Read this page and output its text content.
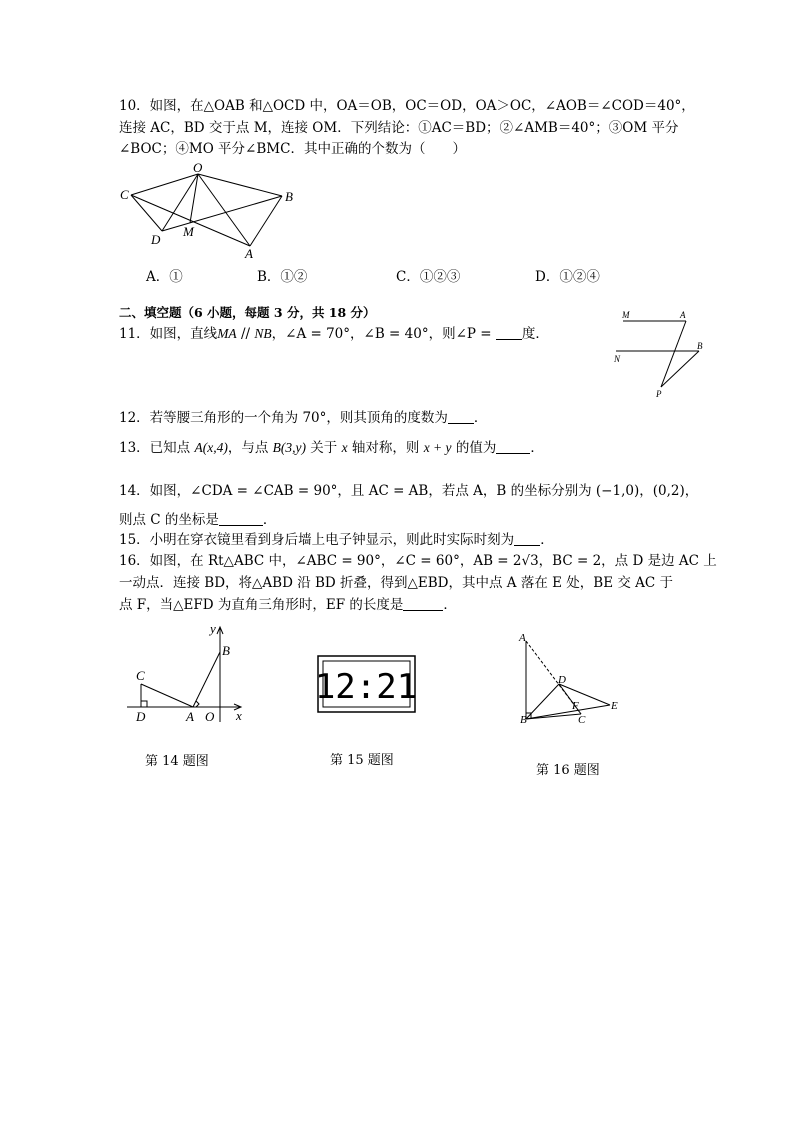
10．如图，在△OAB 和△OCD 中，OA＝OB，OC＝OD，OA＞OC，∠AOB＝∠COD＝40°，
连接 AC，BD 交于点 M，连接 OM．下列结论：①AC＝BD；②∠AMB＝40°；③OM 平分
∠BOC；④MO 平分∠BMC．其中正确的个数为（　　）
O
C	B
D
M
A
A．①	B．①②	C．①②③	D．①②④
二、填空题（6 小题，每题 3 分，共 18 分）
11．如图，直线MA // NB，∠A = 70°，∠B = 40°，则∠P = 度．
M	A
N
B
P
12．若等腰三角形的一个角为 70°，则其顶角的度数为 ．
13．已知点 A(x,4)，与点 B(3,y) 关于 x 轴对称，则 x + y 的值为	．
14．如图，∠CDA = ∠CAB = 90°，且 AC = AB，若点 A，B 的坐标分别为 (−1,0)，(0,2)，
则点 C 的坐标是	．
15．小明在穿衣镜里看到身后墙上电子钟显示，则此时实际时刻为 ．
16．如图，在 Rt△ABC 中，∠ABC = 90°，∠C = 60°，AB = 2√3，BC = 2，点 D 是边 AC 上
一动点．连接 BD，将△ABD 沿 BD 折叠，得到△EBD，其中点 A 落在 E 处，BE 交 AC 于
点 F，当△EFD 为直角三角形时，EF 的长度是	．
y
B
C
D	A O x
12:21
A
D
E
F
B	C
第 14 题图	第 15 题图
第 16 题图
